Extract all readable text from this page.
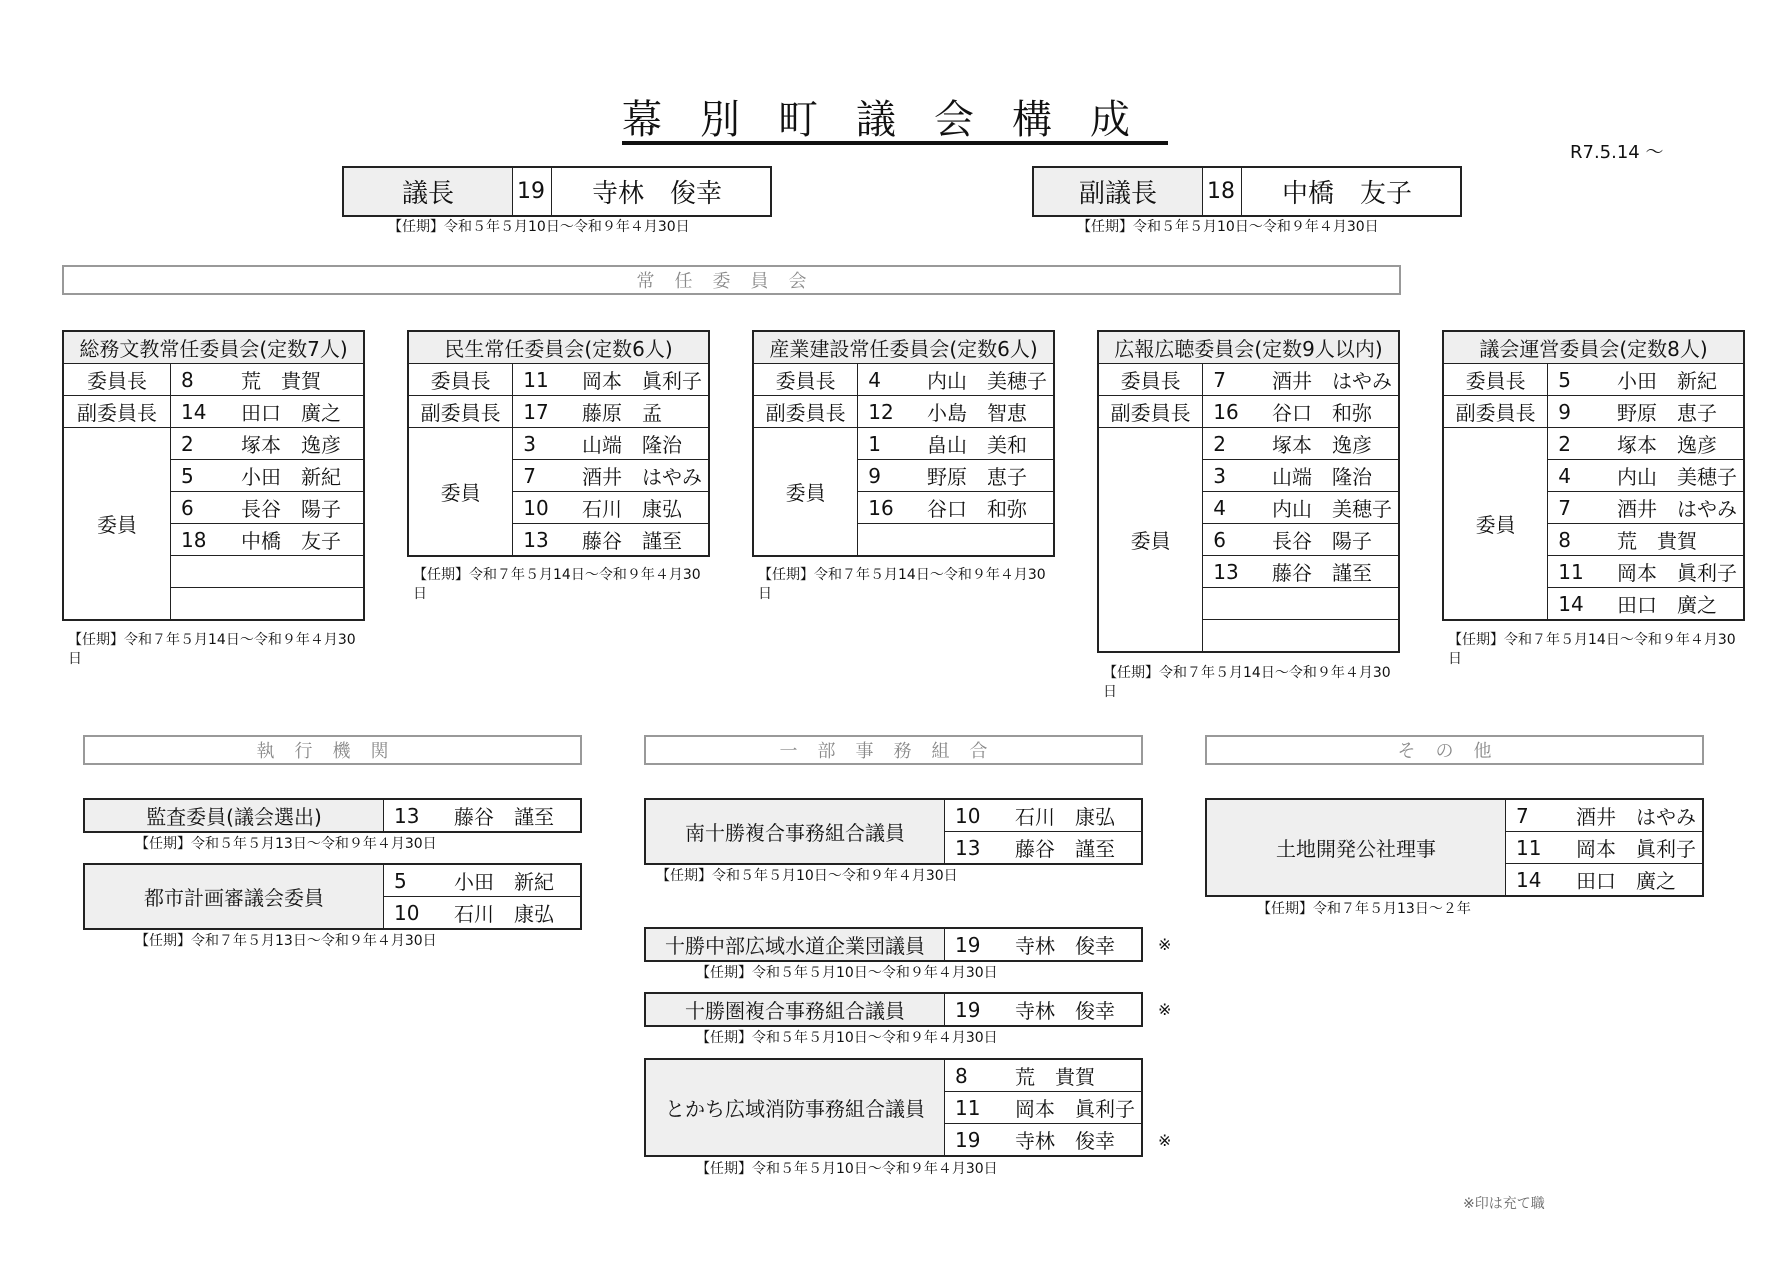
幕別町議会構成
R7.5.14 ～
議長	19	寺林　俊幸
【任期】令和５年５月10日～令和９年４月30日
副議長	18	中橋　友子
【任期】令和５年５月10日～令和９年４月30日
常任委員会
執行機関	一部事務組合	その他
総務文教常任委員会(定数7人)		
委員長	8	荒　貴賀
副委員長	14	田口　廣之
委員	2	塚本　逸彦
	5	小田　新紀
	6	長谷　陽子
	18	中橋　友子

【任期】令和７年５月14日～令和９年４月30日
民生常任委員会(定数6人)		
委員長	11	岡本　眞利子
副委員長	17	藤原　孟
委員	3	山端　隆治
	7	酒井　はやみ
	10	石川　康弘
	13	藤谷　謹至
【任期】令和７年５月14日～令和９年４月30日
産業建設常任委員会(定数6人)		
委員長	4	内山　美穂子
副委員長	12	小島　智恵
委員	1	畠山　美和
	9	野原　恵子
	16	谷口　和弥

【任期】令和７年５月14日～令和９年４月30日
広報広聴委員会(定数9人以内)		
委員長	7	酒井　はやみ
副委員長	16	谷口　和弥
委員	2	塚本　逸彦
	3	山端　隆治
	4	内山　美穂子
	6	長谷　陽子
	13	藤谷　謹至

【任期】令和７年５月14日～令和９年４月30日
議会運営委員会(定数8人)		
委員長	5	小田　新紀
副委員長	9	野原　恵子
委員	2	塚本　逸彦
	4	内山　美穂子
	7	酒井　はやみ
	8	荒　貴賀
	11	岡本　眞利子
	14	田口　廣之
【任期】令和７年５月14日～令和９年４月30日
監査委員(議会選出)	13	藤谷　謹至
【任期】令和５年５月13日～令和９年４月30日
都市計画審議会委員	5	小田　新紀
	10	石川　康弘
【任期】令和７年５月13日～令和９年４月30日
南十勝複合事務組合議員	10	石川　康弘
	13	藤谷　謹至
【任期】令和５年５月10日～令和９年４月30日
十勝中部広域水道企業団議員	19	寺林　俊幸	※
【任期】令和５年５月10日～令和９年４月30日
十勝圏複合事務組合議員	19	寺林　俊幸	※
【任期】令和５年５月10日～令和９年４月30日
とかち広域消防事務組合議員	8	荒　貴賀
	11	岡本　眞利子
	19	寺林　俊幸	※
【任期】令和５年５月10日～令和９年４月30日
土地開発公社理事	7	酒井　はやみ
	11	岡本　眞利子
	14	田口　廣之
【任期】令和７年５月13日～２年
※印は充て職
